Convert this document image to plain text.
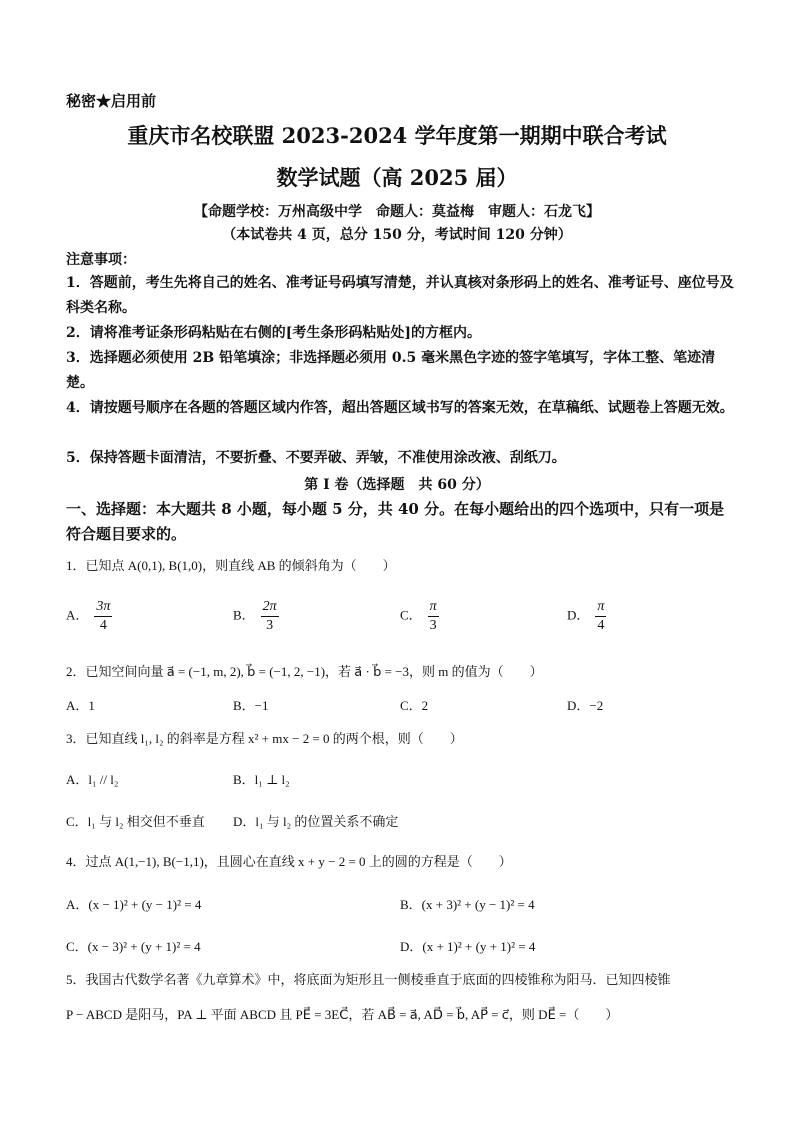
秘密★启用前
重庆市名校联盟 2023-2024 学年度第一期期中联合考试
数学试题（高 2025 届）
【命题学校：万州高级中学　命题人：莫益梅　审题人：石龙飞】
（本试卷共 4 页，总分 150 分，考试时间 120 分钟）
注意事项：
1．答题前，考生先将自己的姓名、准考证号码填写清楚，并认真核对条形码上的姓名、准考证号、座位号及科类名称。
2．请将准考证条形码粘贴在右侧的[考生条形码粘贴处]的方框内。
3．选择题必须使用 2B 铅笔填涂；非选择题必须用 0.5 毫米黑色字迹的签字笔填写，字体工整、笔迹清楚。
4．请按题号顺序在各题的答题区域内作答，超出答题区域书写的答案无效，在草稿纸、试题卷上答题无效。
5．保持答题卡面清洁，不要折叠、不要弄破、弄皱，不准使用涂改液、刮纸刀。
第 I 卷（选择题　共 60 分）
一、选择题：本大题共 8 小题，每小题 5 分，共 40 分。在每小题给出的四个选项中，只有一项是符合题目要求的。
1．已知点 A(0,1), B(1,0)，则直线 AB 的倾斜角为（　　）
A． $\frac{3\pi}{4}$	B． $\frac{2\pi}{3}$	C． $\frac{\pi}{3}$	D． $\frac{\pi}{4}$
2．已知空间向量 a⃗ = (−1, m, 2), b⃗ = (−1, 2, −1)，若 a⃗ · b⃗ = −3，则 m 的值为（　　）
A．1	B．−1	C．2	D．−2
3．已知直线 l₁, l₂ 的斜率是方程 x² + mx − 2 = 0 的两个根，则（　　）
A．l₁ // l₂	B．l₁ ⊥ l₂
C．l₁ 与 l₂ 相交但不垂直 D．l₁ 与 l₂ 的位置关系不确定
4．过点 A(1,−1), B(−1,1)，且圆心在直线 x + y − 2 = 0 上的圆的方程是（　　）
A．(x − 1)² + (y − 1)² = 4	B．(x + 3)² + (y − 1)² = 4
C．(x − 3)² + (y + 1)² = 4	D．(x + 1)² + (y + 1)² = 4
5．我国古代数学名著《九章算术》中，将底面为矩形且一侧棱垂直于底面的四棱锥称为阳马．已知四棱锥
P − ABCD 是阳马，PA ⊥ 平面 ABCD 且 PE⃗ = 3EC⃗，若 AB⃗ = a⃗, AD⃗ = b⃗, AP⃗ = c⃗，则 DE⃗ =（　　）
